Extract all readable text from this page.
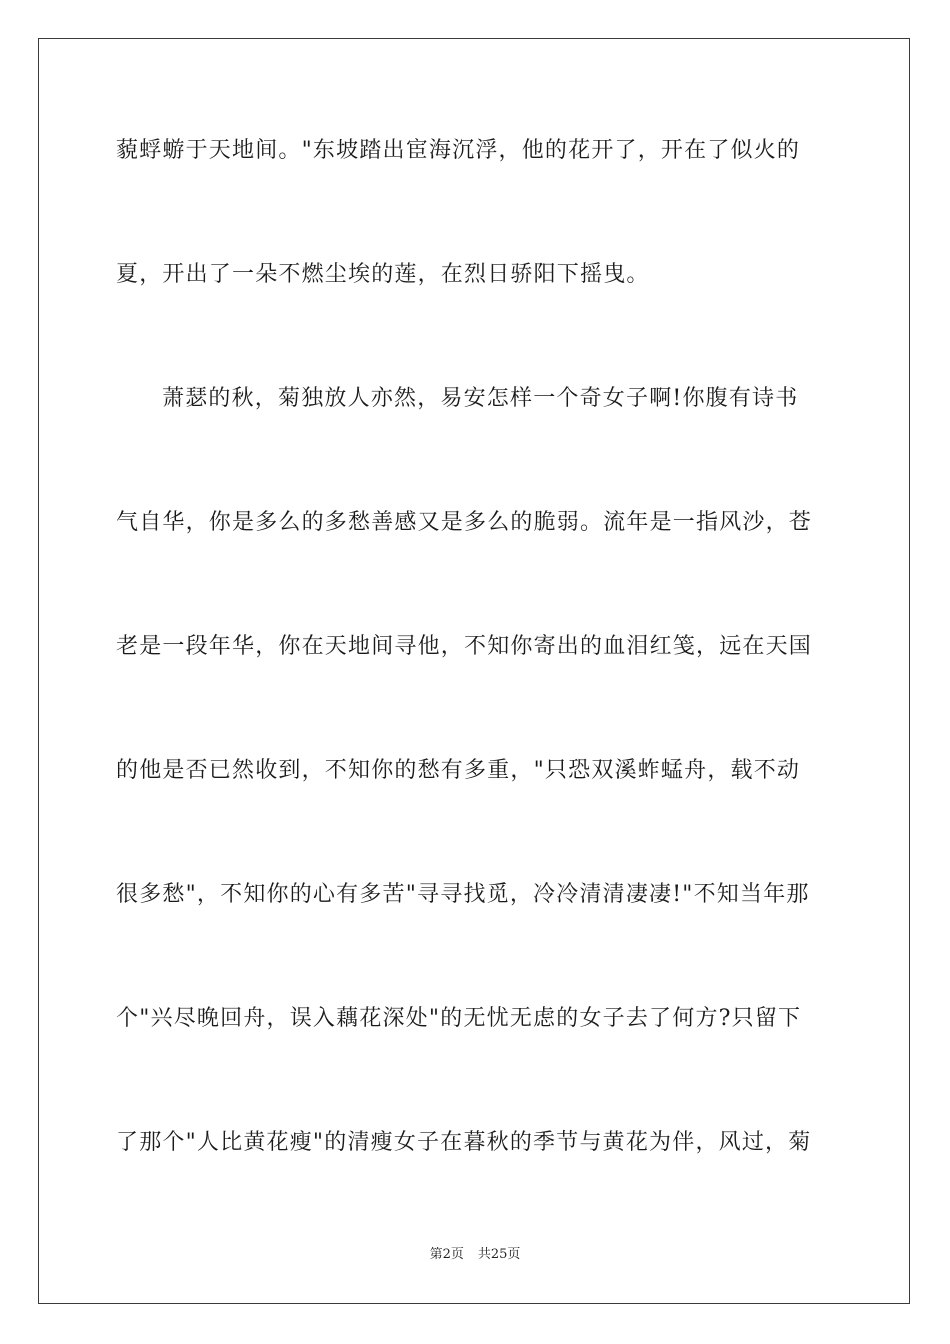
藐蜉蝣于天地间。"东坡踏出宦海沉浮，他的花开了，开在了似火的
夏，开出了一朵不燃尘埃的莲，在烈日骄阳下摇曳。
萧瑟的秋，菊独放人亦然，易安怎样一个奇女子啊!你腹有诗书
气自华，你是多么的多愁善感又是多么的脆弱。流年是一指风沙，苍
老是一段年华，你在天地间寻他，不知你寄出的血泪红笺，远在天国
的他是否已然收到，不知你的愁有多重，"只恐双溪蚱蜢舟，载不动
很多愁"，不知你的心有多苦"寻寻找觅，冷冷清清凄凄!"不知当年那
个"兴尽晚回舟，误入藕花深处"的无忧无虑的女子去了何方?只留下
了那个"人比黄花瘦"的清瘦女子在暮秋的季节与黄花为伴，风过，菊
第2页 共25页
